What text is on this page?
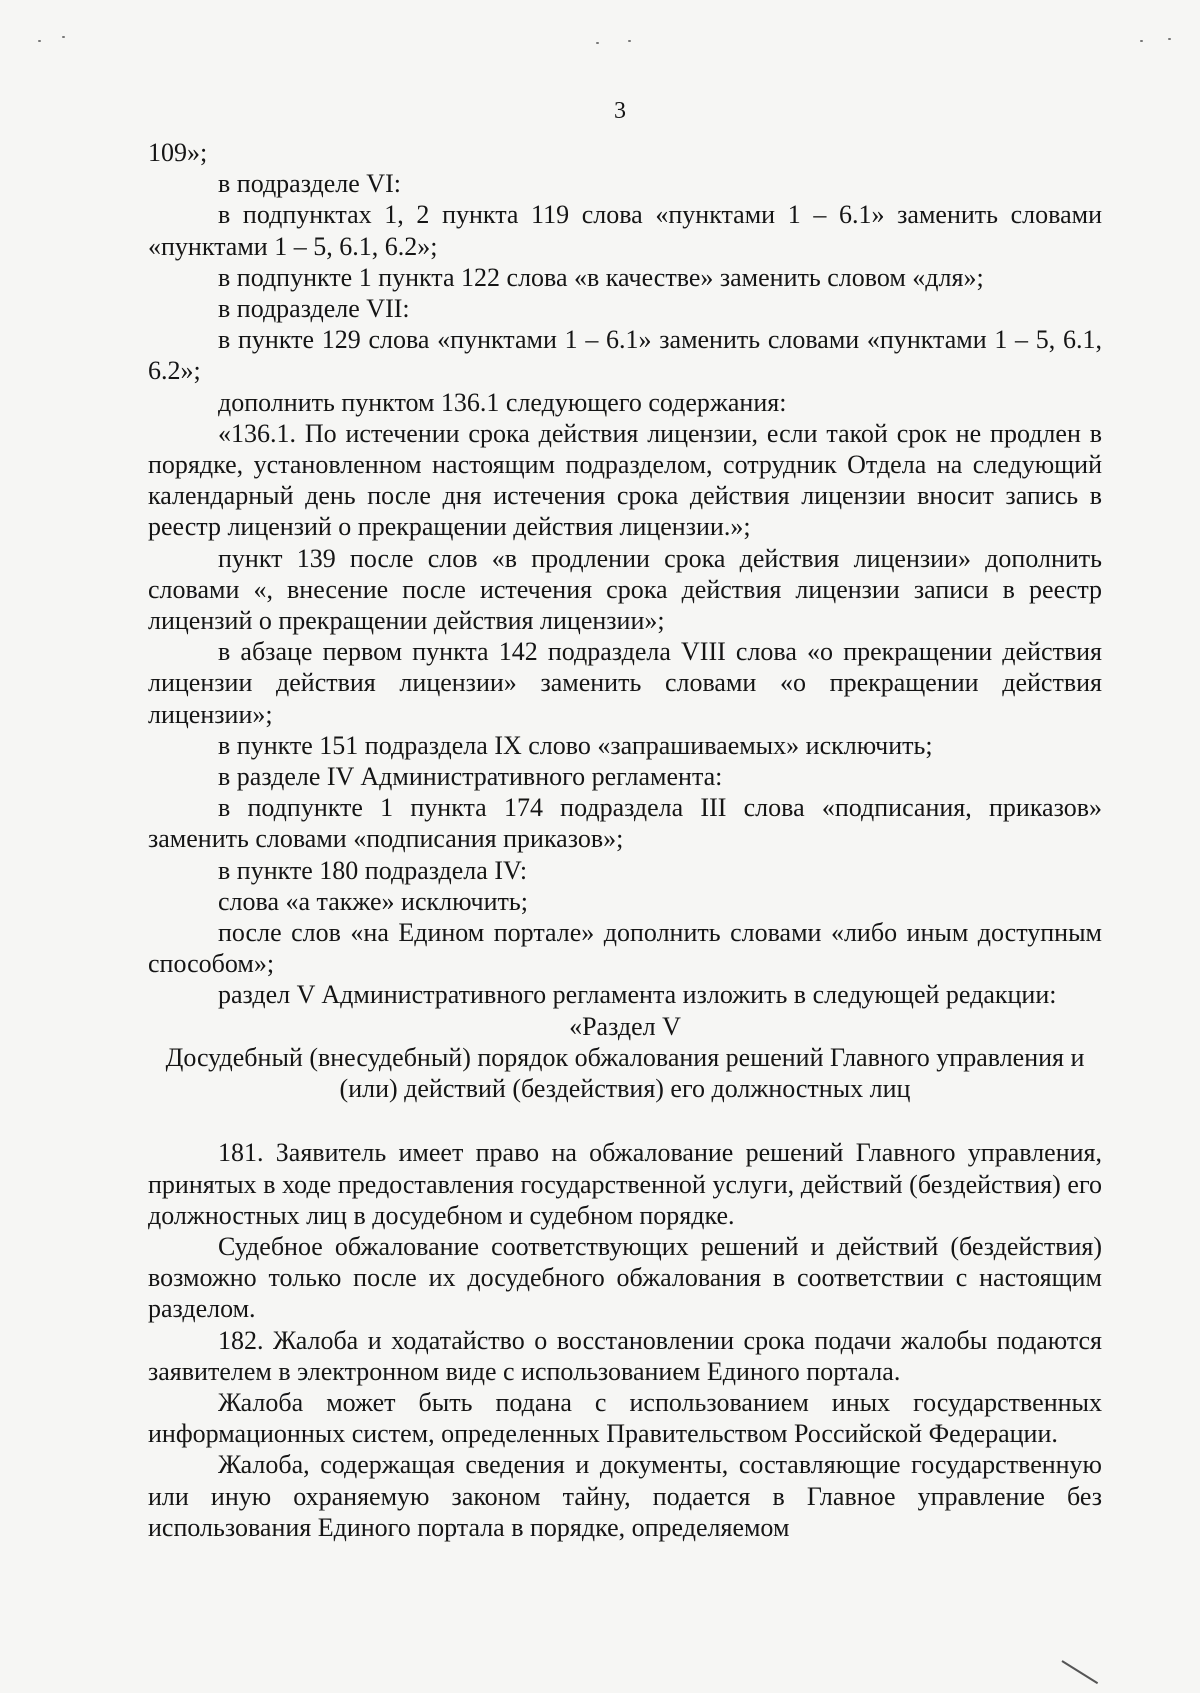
3

109»;

в подразделе VI:

в подпунктах 1, 2 пункта 119 слова «пунктами 1 – 6.1» заменить словами «пунктами 1 – 5, 6.1, 6.2»;

в подпункте 1 пункта 122 слова «в качестве» заменить словом «для»;

в подразделе VII:

в пункте 129 слова «пунктами 1 – 6.1» заменить словами «пунктами 1 – 5, 6.1, 6.2»;

дополнить пунктом 136.1 следующего содержания:

«136.1. По истечении срока действия лицензии, если такой срок не продлен в порядке, установленном настоящим подразделом, сотрудник Отдела на следующий календарный день после дня истечения срока действия лицензии вносит запись в реестр лицензий о прекращении действия лицензии.»;

пункт 139 после слов «в продлении срока действия лицензии» дополнить словами «, внесение после истечения срока действия лицензии записи в реестр лицензий о прекращении действия лицензии»;

в абзаце первом пункта 142 подраздела VIII слова «о прекращении действия лицензии действия лицензии» заменить словами «о прекращении действия лицензии»;

в пункте 151 подраздела IX слово «запрашиваемых» исключить;

в разделе IV Административного регламента:

в подпункте 1 пункта 174 подраздела III слова «подписания, приказов» заменить словами «подписания приказов»;

в пункте 180 подраздела IV:

слова «а также» исключить;

после слов «на Едином портале» дополнить словами «либо иным доступным способом»;

раздел V Административного регламента изложить в следующей редакции:

«Раздел V

Досудебный (внесудебный) порядок обжалования решений Главного управления и (или) действий (бездействия) его должностных лиц

181. Заявитель имеет право на обжалование решений Главного управления, принятых в ходе предоставления государственной услуги, действий (бездействия) его должностных лиц в досудебном и судебном порядке.

Судебное обжалование соответствующих решений и действий (бездействия) возможно только после их досудебного обжалования в соответствии с настоящим разделом.

182. Жалоба и ходатайство о восстановлении срока подачи жалобы подаются заявителем в электронном виде с использованием Единого портала.

Жалоба может быть подана с использованием иных государственных информационных систем, определенных Правительством Российской Федерации.

Жалоба, содержащая сведения и документы, составляющие государственную или иную охраняемую законом тайну, подается в Главное управление без использования Единого портала в порядке, определяемом
